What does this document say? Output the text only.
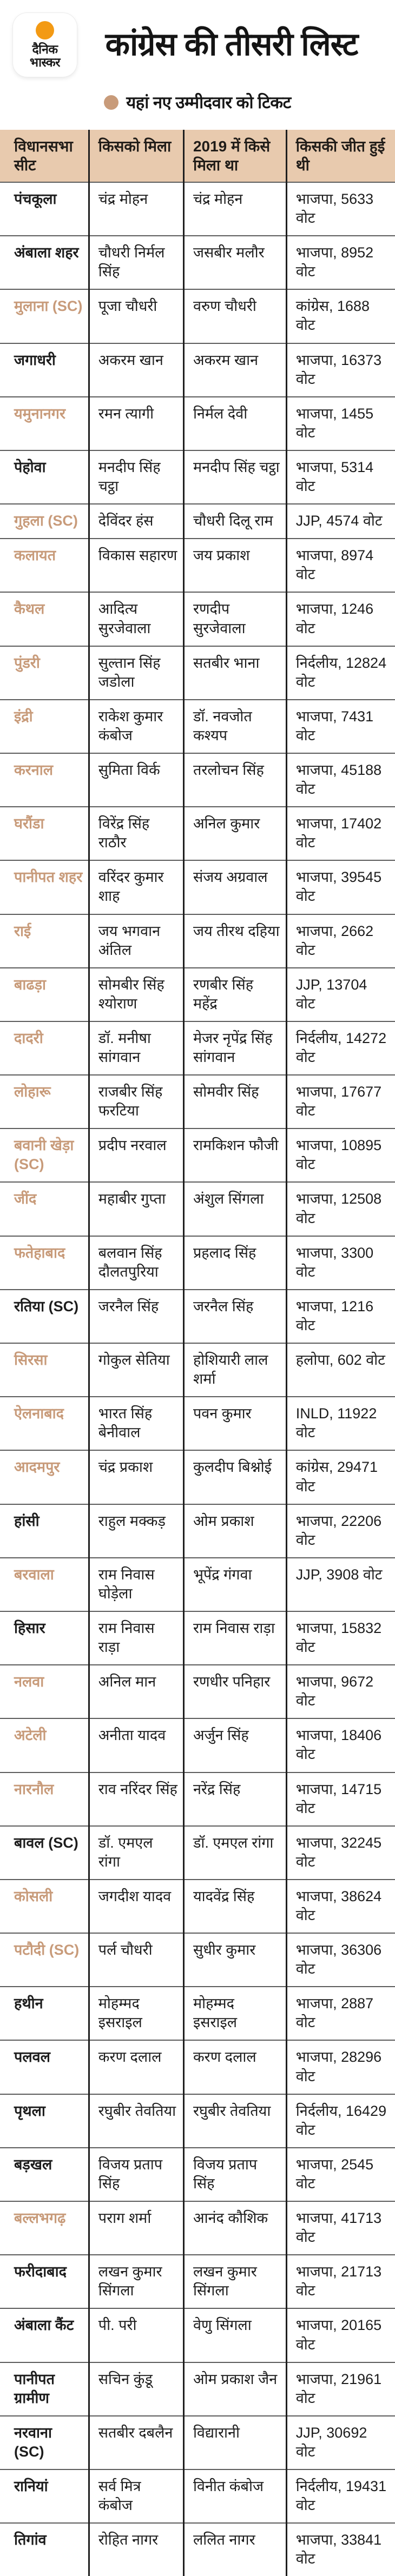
दैनिक
भास्कर कांग्रेस की तीसरी लिस्ट
यहां नए उम्मीदवार को टिकट
विधानसभा सीट	किसको मिला	2019 में किसे मिला था	किसकी जीत हुई थी
पंचकूला	चंद्र मोहन	चंद्र मोहन	भाजपा, 5633 वोट
अंबाला शहर	चौधरी निर्मल सिंह	जसबीर मलौर	भाजपा, 8952 वोट
मुलाना (SC)	पूजा चौधरी	वरुण चौधरी	कांग्रेस, 1688 वोट
जगाधरी	अकरम खान	अकरम खान	भाजपा, 16373 वोट
यमुनानगर	रमन त्यागी	निर्मल देवी	भाजपा, 1455 वोट
पेहोवा	मनदीप सिंह चट्ठा	मनदीप सिंह चट्ठा	भाजपा, 5314 वोट
गुहला (SC)	देविंदर हंस	चौधरी दिलू राम	JJP, 4574 वोट
कलायत	विकास सहारण	जय प्रकाश	भाजपा, 8974 वोट
कैथल	आदित्य सुरजेवाला	रणदीप सुरजेवाला	भाजपा, 1246 वोट
पुंडरी	सुल्तान सिंह जडोला	सतबीर भाना	निर्दलीय, 12824 वोट
इंद्री	राकेश कुमार कंबोज	डॉ. नवजोत कश्यप	भाजपा, 7431 वोट
करनाल	सुमिता विर्क	तरलोचन सिंह	भाजपा, 45188 वोट
घरौंडा	विरेंद्र सिंह राठौर	अनिल कुमार	भाजपा, 17402 वोट
पानीपत शहर	वरिंदर कुमार शाह	संजय अग्रवाल	भाजपा, 39545 वोट
राई	जय भगवान अंतिल	जय तीरथ दहिया	भाजपा, 2662 वोट
बाढड़ा	सोमबीर सिंह श्योराण	रणबीर सिंह महेंद्र	JJP, 13704 वोट
दादरी	डॉ. मनीषा सांगवान	मेजर नृपेंद्र सिंह सांगवान	निर्दलीय, 14272 वोट
लोहारू	राजबीर सिंह फरटिया	सोमवीर सिंह	भाजपा, 17677 वोट
बवानी खेड़ा (SC)	प्रदीप नरवाल	रामकिशन फौजी	भाजपा, 10895 वोट
जींद	महाबीर गुप्ता	अंशुल सिंगला	भाजपा, 12508 वोट
फतेहाबाद	बलवान सिंह दौलतपुरिया	प्रहलाद सिंह	भाजपा, 3300 वोट
रतिया (SC)	जरनैल सिंह	जरनैल सिंह	भाजपा, 1216 वोट
सिरसा	गोकुल सेतिया	होशियारी लाल शर्मा	हलोपा, 602 वोट
ऐलनाबाद	भारत सिंह बेनीवाल	पवन कुमार	INLD, 11922 वोट
आदमपुर	चंद्र प्रकाश	कुलदीप बिश्नोई	कांग्रेस, 29471 वोट
हांसी	राहुल मक्कड़	ओम प्रकाश	भाजपा, 22206 वोट
बरवाला	राम निवास घोड़ेला	भूपेंद्र गंगवा	JJP, 3908 वोट
हिसार	राम निवास राड़ा	राम निवास राड़ा	भाजपा, 15832 वोट
नलवा	अनिल मान	रणधीर पनिहार	भाजपा, 9672 वोट
अटेली	अनीता यादव	अर्जुन सिंह	भाजपा, 18406 वोट
नारनौल	राव नरिंदर सिंह	नरेंद्र सिंह	भाजपा, 14715 वोट
बावल (SC)	डॉ. एमएल रांगा	डॉ. एमएल रांगा	भाजपा, 32245 वोट
कोसली	जगदीश यादव	यादवेंद्र सिंह	भाजपा, 38624 वोट
पटौदी (SC)	पर्ल चौधरी	सुधीर कुमार	भाजपा, 36306 वोट
हथीन	मोहम्मद इसराइल	मोहम्मद इसराइल	भाजपा, 2887 वोट
पलवल	करण दलाल	करण दलाल	भाजपा, 28296 वोट
पृथला	रघुबीर तेवतिया	रघुबीर तेवतिया	निर्दलीय, 16429 वोट
बड़खल	विजय प्रताप सिंह	विजय प्रताप सिंह	भाजपा, 2545 वोट
बल्लभगढ़	पराग शर्मा	आनंद कौशिक	भाजपा, 41713 वोट
फरीदाबाद	लखन कुमार सिंगला	लखन कुमार सिंगला	भाजपा, 21713 वोट
अंबाला कैंट	पी. परी	वेणु सिंगला	भाजपा, 20165 वोट
पानीपत ग्रामीण	सचिन कुंडू	ओम प्रकाश जैन	भाजपा, 21961 वोट
नरवाना (SC)	सतबीर दबलैन	विद्यारानी	JJP, 30692 वोट
रानियां	सर्व मित्र कंबोज	विनीत कंबोज	निर्दलीय, 19431 वोट
तिगांव	रोहित नागर	ललित नागर	भाजपा, 33841 वोट
